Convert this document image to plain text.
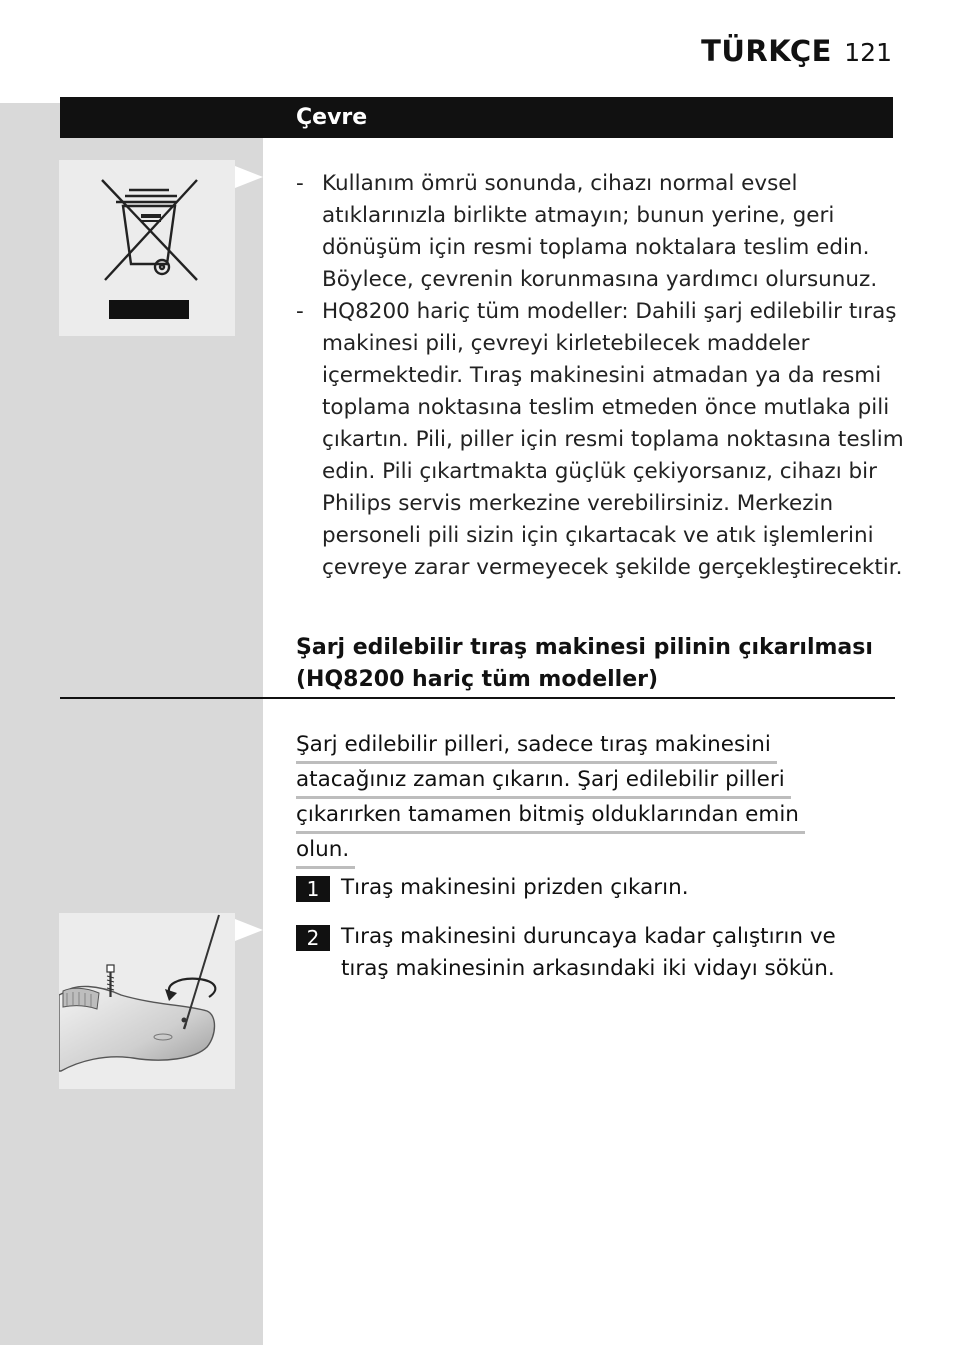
TÜRKÇE 121
Çevre
- Kullanım ömrü sonunda, cihazı normal evsel atıklarınızla birlikte atmayın; bunun yerine, geri dönüşüm için resmi toplama noktalara teslim edin. Böylece, çevrenin korunmasına yardımcı olursunuz.
- HQ8200 hariç tüm modeller: Dahili şarj edilebilir tıraş makinesi pili, çevreyi kirletebilecek maddeler içermektedir. Tıraş makinesini atmadan ya da resmi toplama noktasına teslim etmeden önce mutlaka pili çıkartın. Pili, piller için resmi toplama noktasına teslim edin. Pili çıkartmakta güçlük çekiyorsanız, cihazı bir Philips servis merkezine verebilirsiniz. Merkezin personeli pili sizin için çıkartacak ve atık işlemlerini çevreye zarar vermeyecek şekilde gerçekleştirecektir.
Şarj edilebilir tıraş makinesi pilinin çıkarılması (HQ8200 hariç tüm modeller)
Şarj edilebilir pilleri, sadece tıraş makinesini
atacağınız zaman çıkarın. Şarj edilebilir pilleri
çıkarırken tamamen bitmiş olduklarından emin
olun.
1	Tıraş makinesini prizden çıkarın.
2	Tıraş makinesini duruncaya kadar çalıştırın ve tıraş makinesinin arkasındaki iki vidayı sökün.
